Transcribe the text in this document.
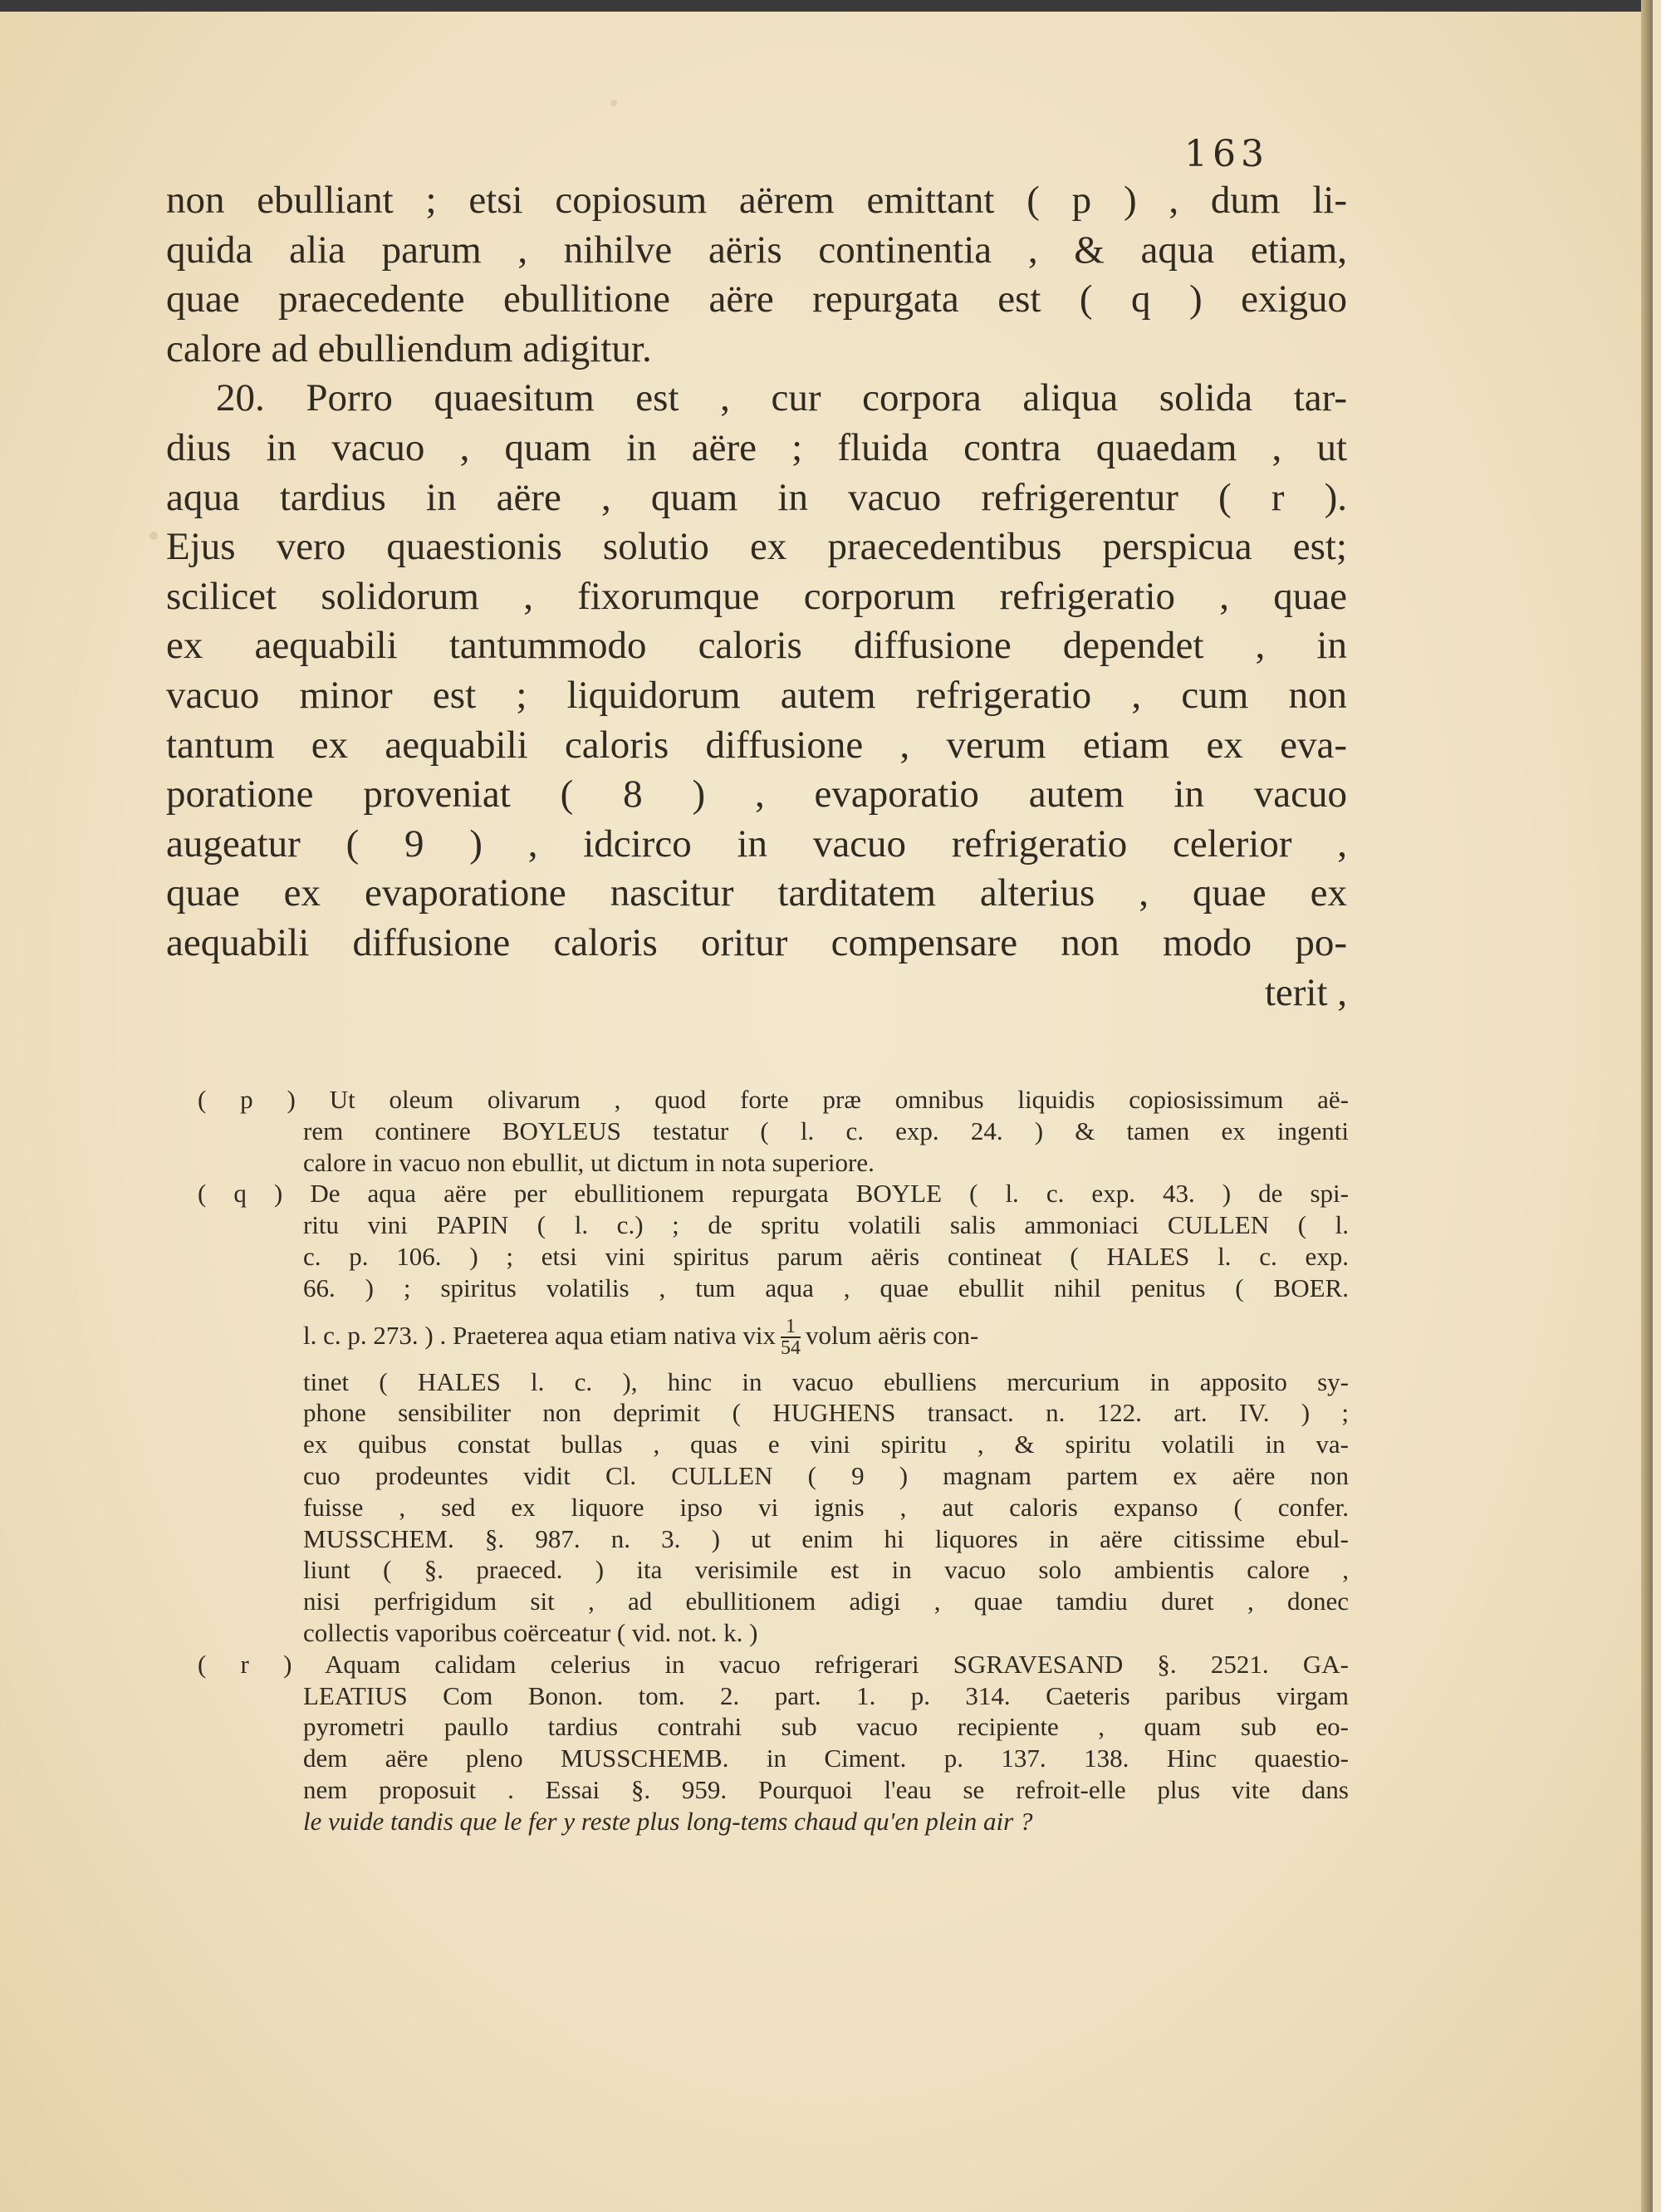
163
non ebulliant ; etsi copiosum aërem emittant ( p ) , dum li-
quida alia parum , nihilve aëris continentia , & aqua etiam,
quae praecedente ebullitione aëre repurgata est ( q ) exiguo
calore ad ebulliendum adigitur.
20. Porro quaesitum est , cur corpora aliqua solida tar-
dius in vacuo , quam in aëre ; fluida contra quaedam , ut
aqua tardius in aëre , quam in vacuo refrigerentur ( r ).
Ejus vero quaestionis solutio ex praecedentibus perspicua est;
scilicet solidorum , fixorumque corporum refrigeratio , quae
ex aequabili tantummodo caloris diffusione dependet , in
vacuo minor est ; liquidorum autem refrigeratio , cum non
tantum ex aequabili caloris diffusione , verum etiam ex eva-
poratione proveniat ( 8 ) , evaporatio autem in vacuo
augeatur ( 9 ) , idcirco in vacuo refrigeratio celerior ,
quae ex evaporatione nascitur tarditatem alterius , quae ex
aequabili diffusione caloris oritur compensare non modo po-
terit ,
( p ) Ut oleum olivarum , quod forte præ omnibus liquidis copiosissimum aë-
rem continere BOYLEUS testatur ( l. c. exp. 24. ) & tamen ex ingenti
calore in vacuo non ebullit, ut dictum in nota superiore.
( q ) De aqua aëre per ebullitionem repurgata BOYLE ( l. c. exp. 43. ) de spi-
ritu vini PAPIN ( l. c.) ; de spritu volatili salis ammoniaci CULLEN ( l.
c. p. 106. ) ; etsi vini spiritus parum aëris contineat ( HALES l. c. exp.
66. ) ; spiritus volatilis , tum aqua , quae ebullit nihil penitus ( BOER.
l. c. p. 273. ) . Praeterea aqua etiam nativa vix $\frac{1}{54}$ volum aëris con-
tinet ( HALES l. c. ), hinc in vacuo ebulliens mercurium in apposito sy-
phone sensibiliter non deprimit ( HUGHENS transact. n. 122. art. IV. ) ;
ex quibus constat bullas , quas e vini spiritu , & spiritu volatili in va-
cuo prodeuntes vidit Cl. CULLEN ( 9 ) magnam partem ex aëre non
fuisse , sed ex liquore ipso vi ignis , aut caloris expanso ( confer.
MUSSCHEM. §. 987. n. 3. ) ut enim hi liquores in aëre citissime ebul-
liunt ( §. praeced. ) ita verisimile est in vacuo solo ambientis calore ,
nisi perfrigidum sit , ad ebullitionem adigi , quae tamdiu duret , donec
collectis vaporibus coërceatur ( vid. not. k. )
( r ) Aquam calidam celerius in vacuo refrigerari SGRAVESAND §. 2521. GA-
LEATIUS Com Bonon. tom. 2. part. 1. p. 314. Caeteris paribus virgam
pyrometri paullo tardius contrahi sub vacuo recipiente , quam sub eo-
dem aëre pleno MUSSCHEMB. in Ciment. p. 137. 138. Hinc quaestio-
nem proposuit . Essai §. 959. Pourquoi l'eau se refroit-elle plus vite dans
le vuide tandis que le fer y reste plus long-tems chaud qu'en plein air ?
